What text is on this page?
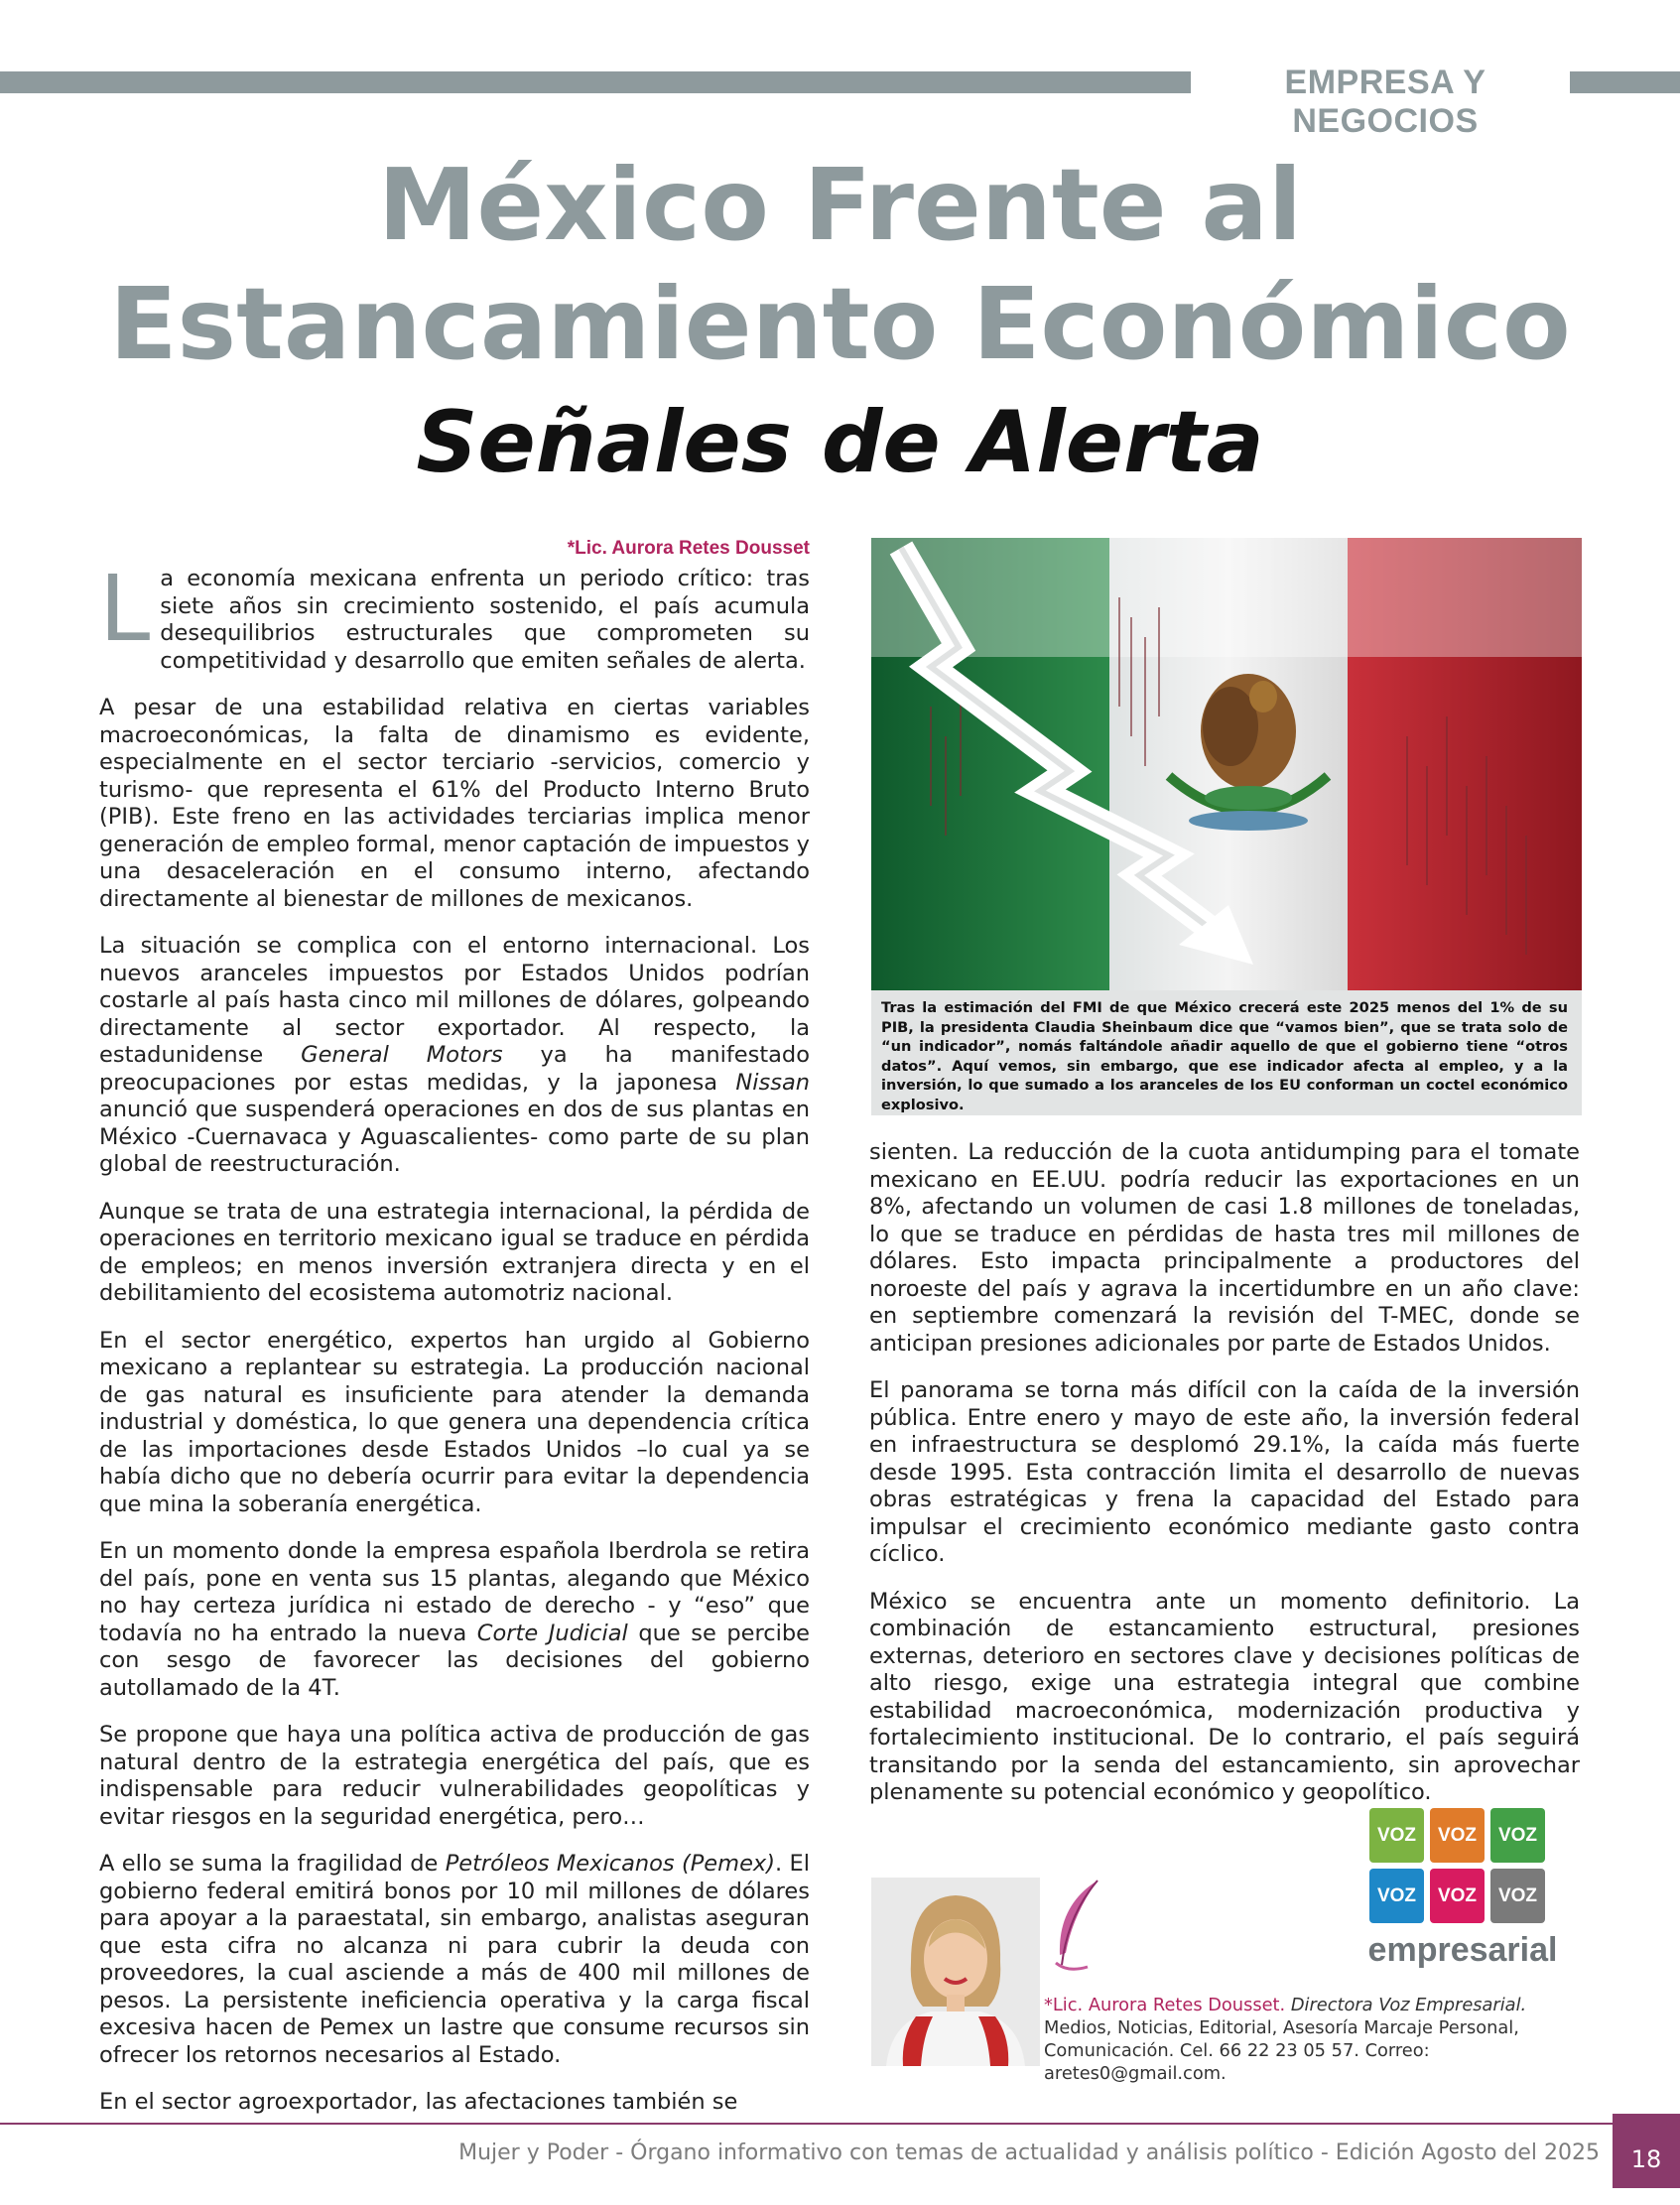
EMPRESA Y NEGOCIOS
México Frente al
Estancamiento Económico
Señales de Alerta
*Lic. Aurora Retes Dousset

La economía mexicana enfrenta un periodo crítico: tras siete años sin crecimiento sostenido, el país acumula desequilibrios estructurales que comprometen su competitividad y desarrollo que emiten señales de alerta.

A pesar de una estabilidad relativa en ciertas variables macroeconómicas, la falta de dinamismo es evidente, especialmente en el sector terciario -servicios, comercio y turismo- que representa el 61% del Producto Interno Bruto (PIB). Este freno en las actividades terciarias implica menor generación de empleo formal, menor captación de impuestos y una desaceleración en el consumo interno, afectando directamente al bienestar de millones de mexicanos.

La situación se complica con el entorno internacional. Los nuevos aranceles impuestos por Estados Unidos podrían costarle al país hasta cinco mil millones de dólares, golpeando directamente al sector exportador. Al respecto, la estadunidense General Motors ya ha manifestado preocupaciones por estas medidas, y la japonesa Nissan anunció que suspenderá operaciones en dos de sus plantas en México -Cuernavaca y Aguascalientes- como parte de su plan global de reestructuración.

Aunque se trata de una estrategia internacional, la pérdida de operaciones en territorio mexicano igual se traduce en pérdida de empleos; en menos inversión extranjera directa y en el debilitamiento del ecosistema automotriz nacional.

En el sector energético, expertos han urgido al Gobierno mexicano a replantear su estrategia. La producción nacional de gas natural es insuficiente para atender la demanda industrial y doméstica, lo que genera una dependencia crítica de las importaciones desde Estados Unidos –lo cual ya se había dicho que no debería ocurrir para evitar la dependencia que mina la soberanía energética.

En un momento donde la empresa española Iberdrola se retira del país, pone en venta sus 15 plantas, alegando que México no hay certeza jurídica ni estado de derecho - y “eso” que todavía no ha entrado la nueva Corte Judicial que se percibe con sesgo de favorecer las decisiones del gobierno autollamado de la 4T.

Se propone que haya una política activa de producción de gas natural dentro de la estrategia energética del país, que es indispensable para reducir vulnerabilidades geopolíticas y evitar riesgos en la seguridad energética, pero…

A ello se suma la fragilidad de Petróleos Mexicanos (Pemex). El gobierno federal emitirá bonos por 10 mil millones de dólares para apoyar a la paraestatal, sin embargo, analistas aseguran que esta cifra no alcanza ni para cubrir la deuda con proveedores, la cual asciende a más de 400 mil millones de pesos. La persistente ineficiencia operativa y la carga fiscal excesiva hacen de Pemex un lastre que consume recursos sin ofrecer los retornos necesarios al Estado.

En el sector agroexportador, las afectaciones también se

Tras la estimación del FMI de que México crecerá este 2025 menos del 1% de su PIB, la presidenta Claudia Sheinbaum dice que “vamos bien”, que se trata solo de “un indicador”, nomás faltándole añadir aquello de que el gobierno tiene “otros datos”. Aquí vemos, sin embargo, que ese indicador afecta al empleo, y a la inversión, lo que sumado a los aranceles de los EU conforman un coctel económico explosivo.

sienten. La reducción de la cuota antidumping para el tomate mexicano en EE.UU. podría reducir las exportaciones en un 8%, afectando un volumen de casi 1.8 millones de toneladas, lo que se traduce en pérdidas de hasta tres mil millones de dólares. Esto impacta principalmente a productores del noroeste del país y agrava la incertidumbre en un año clave: en septiembre comenzará la revisión del T-MEC, donde se anticipan presiones adicionales por parte de Estados Unidos.

El panorama se torna más difícil con la caída de la inversión pública. Entre enero y mayo de este año, la inversión federal en infraestructura se desplomó 29.1%, la caída más fuerte desde 1995. Esta contracción limita el desarrollo de nuevas obras estratégicas y frena la capacidad del Estado para impulsar el crecimiento económico mediante gasto contra cíclico.

México se encuentra ante un momento definitorio. La combinación de estancamiento estructural, presiones externas, deterioro en sectores clave y decisiones políticas de alto riesgo, exige una estrategia integral que combine estabilidad macroeconómica, modernización productiva y fortalecimiento institucional. De lo contrario, el país seguirá transitando por la senda del estancamiento, sin aprovechar plenamente su potencial económico y geopolítico.

VOZ	VOZ	VOZ
VOZ	VOZ	VOZ
empresarial
*Lic. Aurora Retes Dousset. Directora Voz Empresarial. Medios, Noticias, Editorial, Asesoría Marcaje Personal, Comunicación. Cel. 66 22 23 05 57. Correo: aretes0@gmail.com.
Mujer y Poder - Órgano informativo con temas de actualidad y análisis político - Edición Agosto del 2025	18
